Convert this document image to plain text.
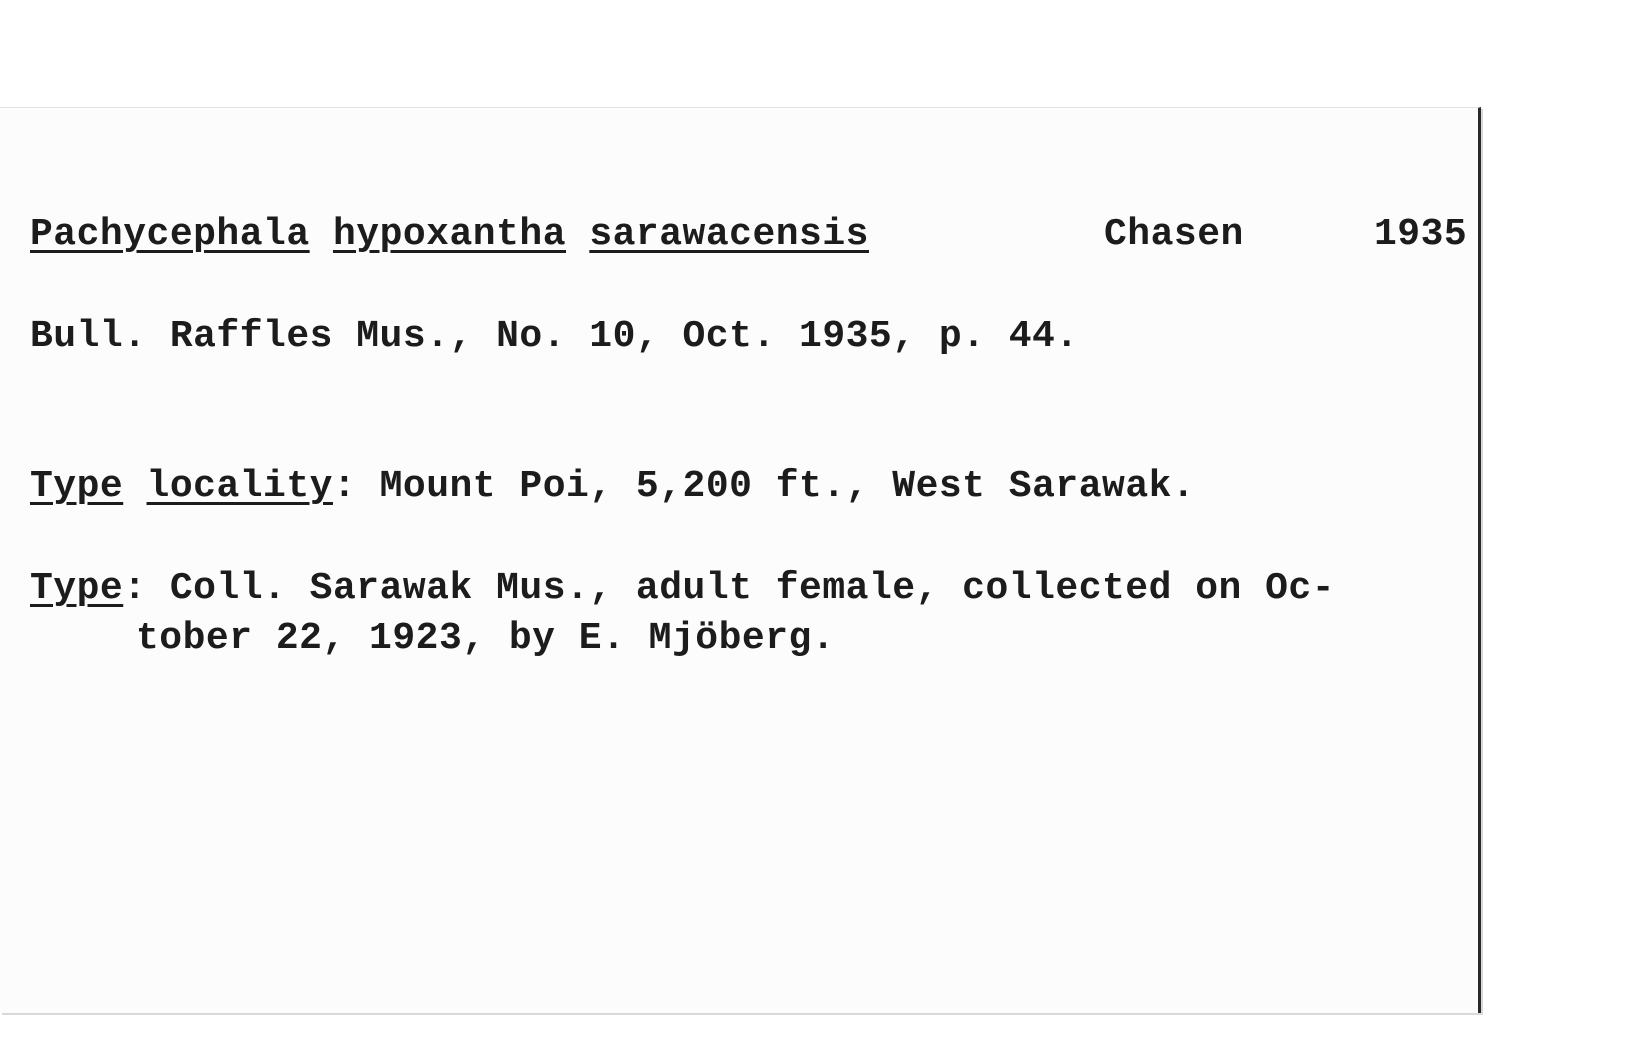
Pachycephala hypoxantha sarawacensis	Chasen	1935
Bull. Raffles Mus., No. 10, Oct. 1935, p. 44.
Type locality: Mount Poi, 5,200 ft., West Sarawak.
Type: Coll. Sarawak Mus., adult female, collected on Oc-
tober 22, 1923, by E. Mjöberg.
